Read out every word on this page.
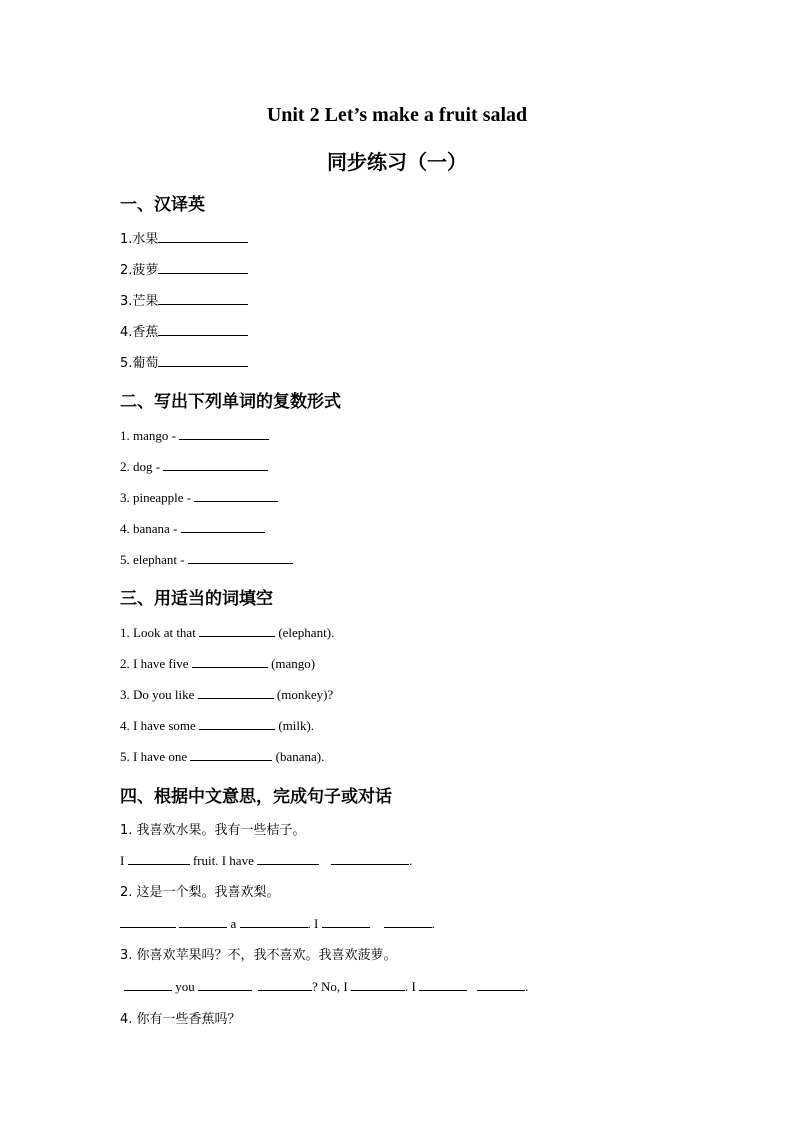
Unit 2 Let’s make a fruit salad
同步练习（一）
一、汉译英
1.水果
2.菠萝
3.芒果
4.香蕉
5.葡萄
二、写出下列单词的复数形式
1. mango -
2. dog -
3. pineapple -
4. banana -
5. elephant -
三、用适当的词填空
1. Look at that	(elephant).
2. I have five	(mango)
3. Do you like	(monkey)?
4. I have some	(milk).
5. I have one	(banana).
四、根据中文意思，完成句子或对话
1. 我喜欢水果。我有一些桔子。
I	fruit. I have	.
2. 这是一个梨。我喜欢梨。
a	. I	.
3. 你喜欢苹果吗？不，我不喜欢。我喜欢菠萝。
you	? No, I	. I	.
4. 你有一些香蕉吗？
